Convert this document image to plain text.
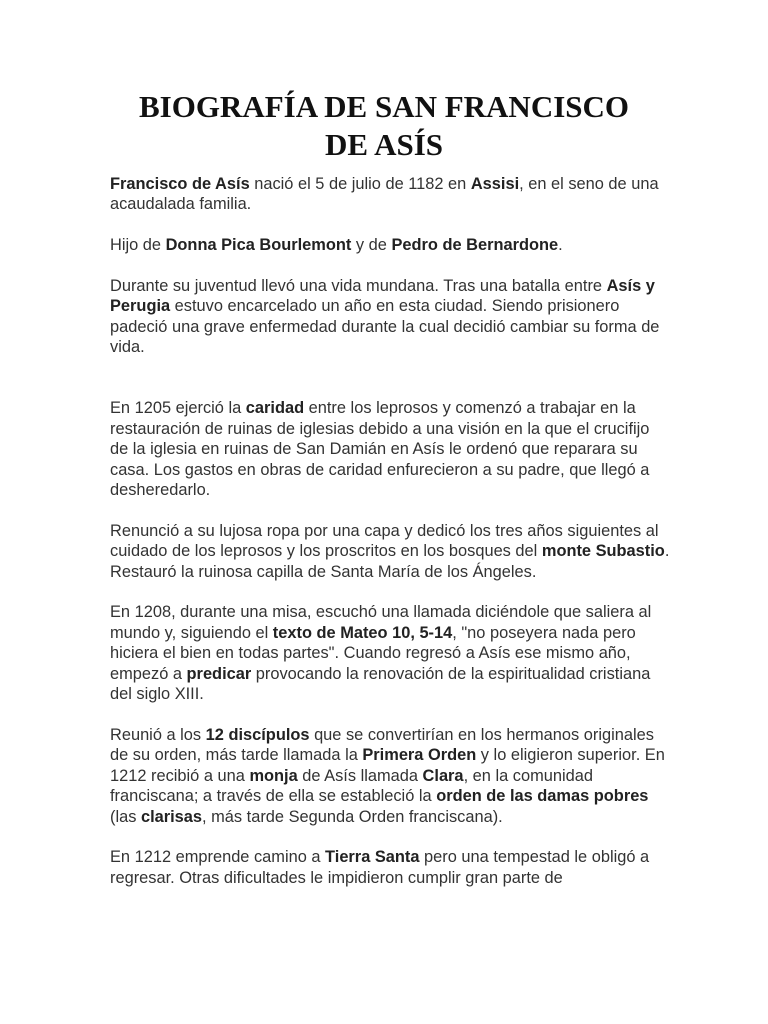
BIOGRAFÍA DE SAN FRANCISCO
DE ASÍS

Francisco de Asís nació el 5 de julio de 1182 en Assisi, en el seno de una acaudalada familia.

Hijo de Donna Pica Bourlemont y de Pedro de Bernardone.

Durante su juventud llevó una vida mundana. Tras una batalla entre Asís y Perugia estuvo encarcelado un año en esta ciudad. Siendo prisionero padeció una grave enfermedad durante la cual decidió cambiar su forma de vida.

En 1205 ejerció la caridad entre los leprosos y comenzó a trabajar en la restauración de ruinas de iglesias debido a una visión en la que el crucifijo de la iglesia en ruinas de San Damián en Asís le ordenó que reparara su casa. Los gastos en obras de caridad enfurecieron a su padre, que llegó a desheredarlo.

Renunció a su lujosa ropa por una capa y dedicó los tres años siguientes al cuidado de los leprosos y los proscritos en los bosques del monte Subastio. Restauró la ruinosa capilla de Santa María de los Ángeles.

En 1208, durante una misa, escuchó una llamada diciéndole que saliera al mundo y, siguiendo el texto de Mateo 10, 5-14, "no poseyera nada pero hiciera el bien en todas partes". Cuando regresó a Asís ese mismo año, empezó a predicar provocando la renovación de la espiritualidad cristiana del siglo XIII.

Reunió a los 12 discípulos que se convertirían en los hermanos originales de su orden, más tarde llamada la Primera Orden y lo eligieron superior. En 1212 recibió a una monja de Asís llamada Clara, en la comunidad franciscana; a través de ella se estableció la orden de las damas pobres (las clarisas, más tarde Segunda Orden franciscana).

En 1212 emprende camino a Tierra Santa pero una tempestad le obligó a regresar. Otras dificultades le impidieron cumplir gran parte de
